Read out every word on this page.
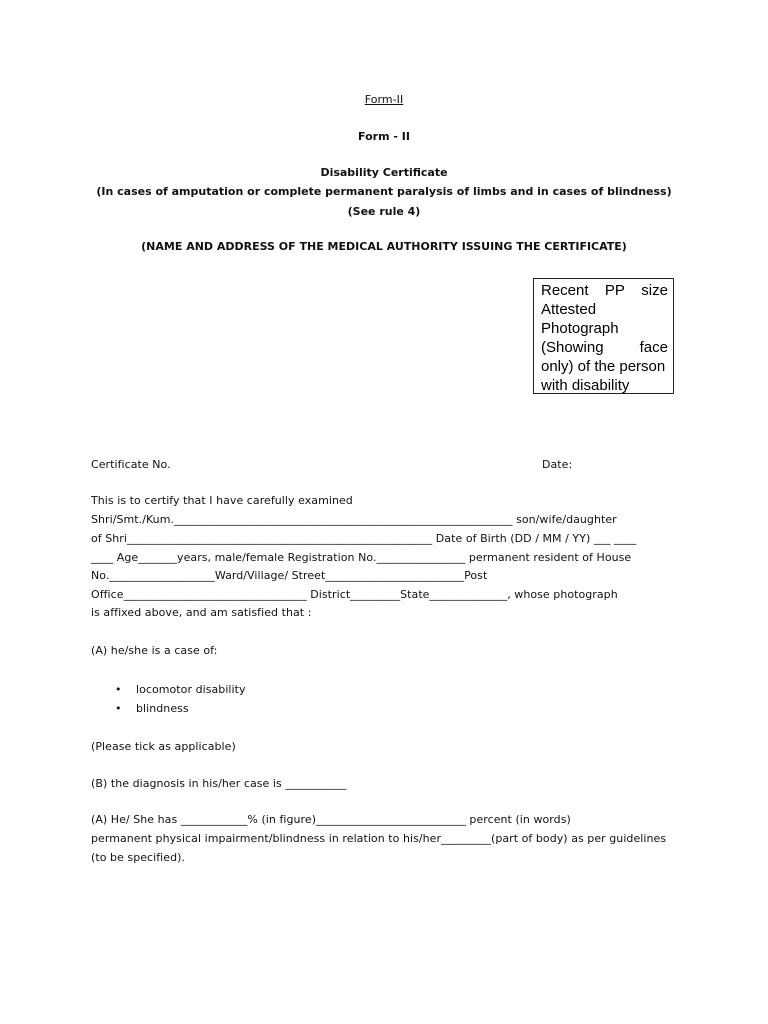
Form-II
Form - II
Disability Certificate
(In cases of amputation or complete permanent paralysis of limbs and in cases of blindness)
(See rule 4)
(NAME AND ADDRESS OF THE MEDICAL AUTHORITY ISSUING THE CERTIFICATE)
Recent PP size
Attested
Photograph
(Showing face
only) of the person
with disability
Certificate No.	Date:
This is to certify that I have carefully examined
Shri/Smt./Kum._____________________________________________________________ son/wife/daughter
of Shri_______________________________________________________ Date of Birth (DD / MM / YY) ___ ____
____ Age_______years, male/female Registration No.________________ permanent resident of House
No.___________________Ward/Village/ Street_________________________Post
Office_________________________________ District_________State______________, whose photograph
is affixed above, and am satisfied that :
(A) he/she is a case of:
• locomotor disability
• blindness
(Please tick as applicable)
(B) the diagnosis in his/her case is ___________
(A) He/ She has ____________% (in figure)___________________________ percent (in words)
permanent physical impairment/blindness in relation to his/her_________(part of body) as per guidelines
(to be specified).
